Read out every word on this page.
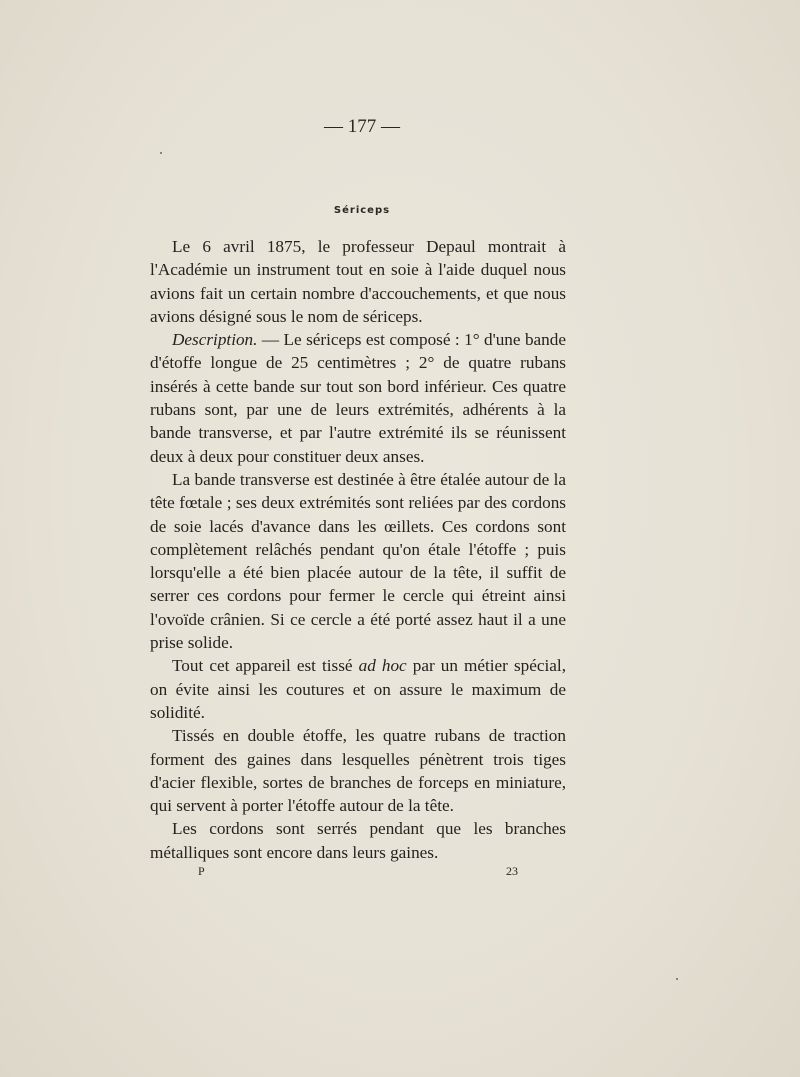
— 177 —
Sériceps

Le 6 avril 1875, le professeur Depaul montrait à l'Académie un instrument tout en soie à l'aide duquel nous avions fait un certain nombre d'accouchements, et que nous avions désigné sous le nom de sériceps.

Description. — Le sériceps est composé : 1° d'une bande d'étoffe longue de 25 centimètres ; 2° de quatre rubans insérés à cette bande sur tout son bord inférieur. Ces quatre rubans sont, par une de leurs extrémités, adhérents à la bande transverse, et par l'autre extrémité ils se réunissent deux à deux pour constituer deux anses.

La bande transverse est destinée à être étalée autour de la tête fœtale ; ses deux extrémités sont reliées par des cordons de soie lacés d'avance dans les œillets. Ces cordons sont complètement relâchés pendant qu'on étale l'étoffe ; puis lorsqu'elle a été bien placée autour de la tête, il suffit de serrer ces cordons pour fermer le cercle qui étreint ainsi l'ovoïde crânien. Si ce cercle a été porté assez haut il a une prise solide.

Tout cet appareil est tissé ad hoc par un métier spécial, on évite ainsi les coutures et on assure le maximum de solidité.

Tissés en double étoffe, les quatre rubans de traction forment des gaines dans lesquelles pénètrent trois tiges d'acier flexible, sortes de branches de forceps en miniature, qui servent à porter l'étoffe autour de la tête.

Les cordons sont serrés pendant que les branches métalliques sont encore dans leurs gaines.

P	23
